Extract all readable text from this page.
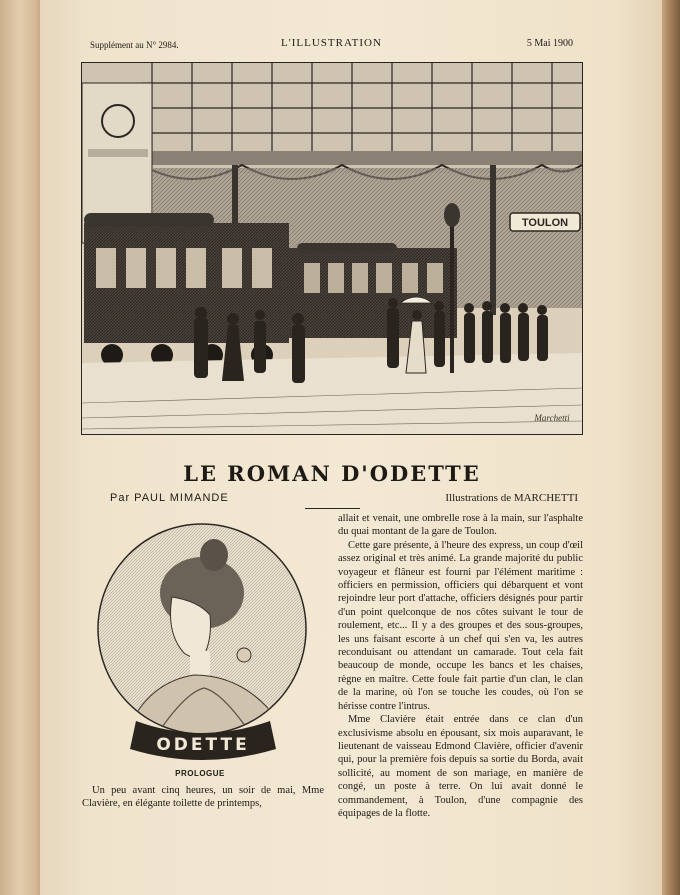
Supplément au N° 2984.	L'ILLUSTRATION	5 Mai 1900
TOULON
Marchetti
LE ROMAN D'ODETTE
Par PAUL MIMANDE	Illustrations de MARCHETTI
ODETTE
PROLOGUE

Un peu avant cinq heures, un soir de mai, Mme Clavière, en élégante toilette de printemps,

allait et venait, une ombrelle rose à la main, sur l'asphalte du quai montant de la gare de Toulon.

Cette gare présente, à l'heure des express, un coup d'œil assez original et très animé. La grande majorité du public voyageur et flâneur est fourni par l'élément maritime : officiers en permission, officiers qui débarquent et vont rejoindre leur port d'attache, officiers désignés pour partir d'un point quelconque de nos côtes suivant le tour de roulement, etc... Il y a des groupes et des sous-groupes, les uns faisant escorte à un chef qui s'en va, les autres reconduisant ou attendant un camarade. Tout cela fait beaucoup de monde, occupe les bancs et les chaises, règne en maître. Cette foule fait partie d'un clan, le clan de la marine, où l'on se touche les coudes, où l'on se hérisse contre l'intrus.

Mme Clavière était entrée dans ce clan d'un exclusivisme absolu en épousant, six mois auparavant, le lieutenant de vaisseau Edmond Clavière, officier d'avenir qui, pour la première fois depuis sa sortie du Borda, avait sollicité, au moment de son mariage, en manière de congé, un poste à terre. On lui avait donné le commandement, à Toulon, d'une compagnie des équipages de la flotte.
